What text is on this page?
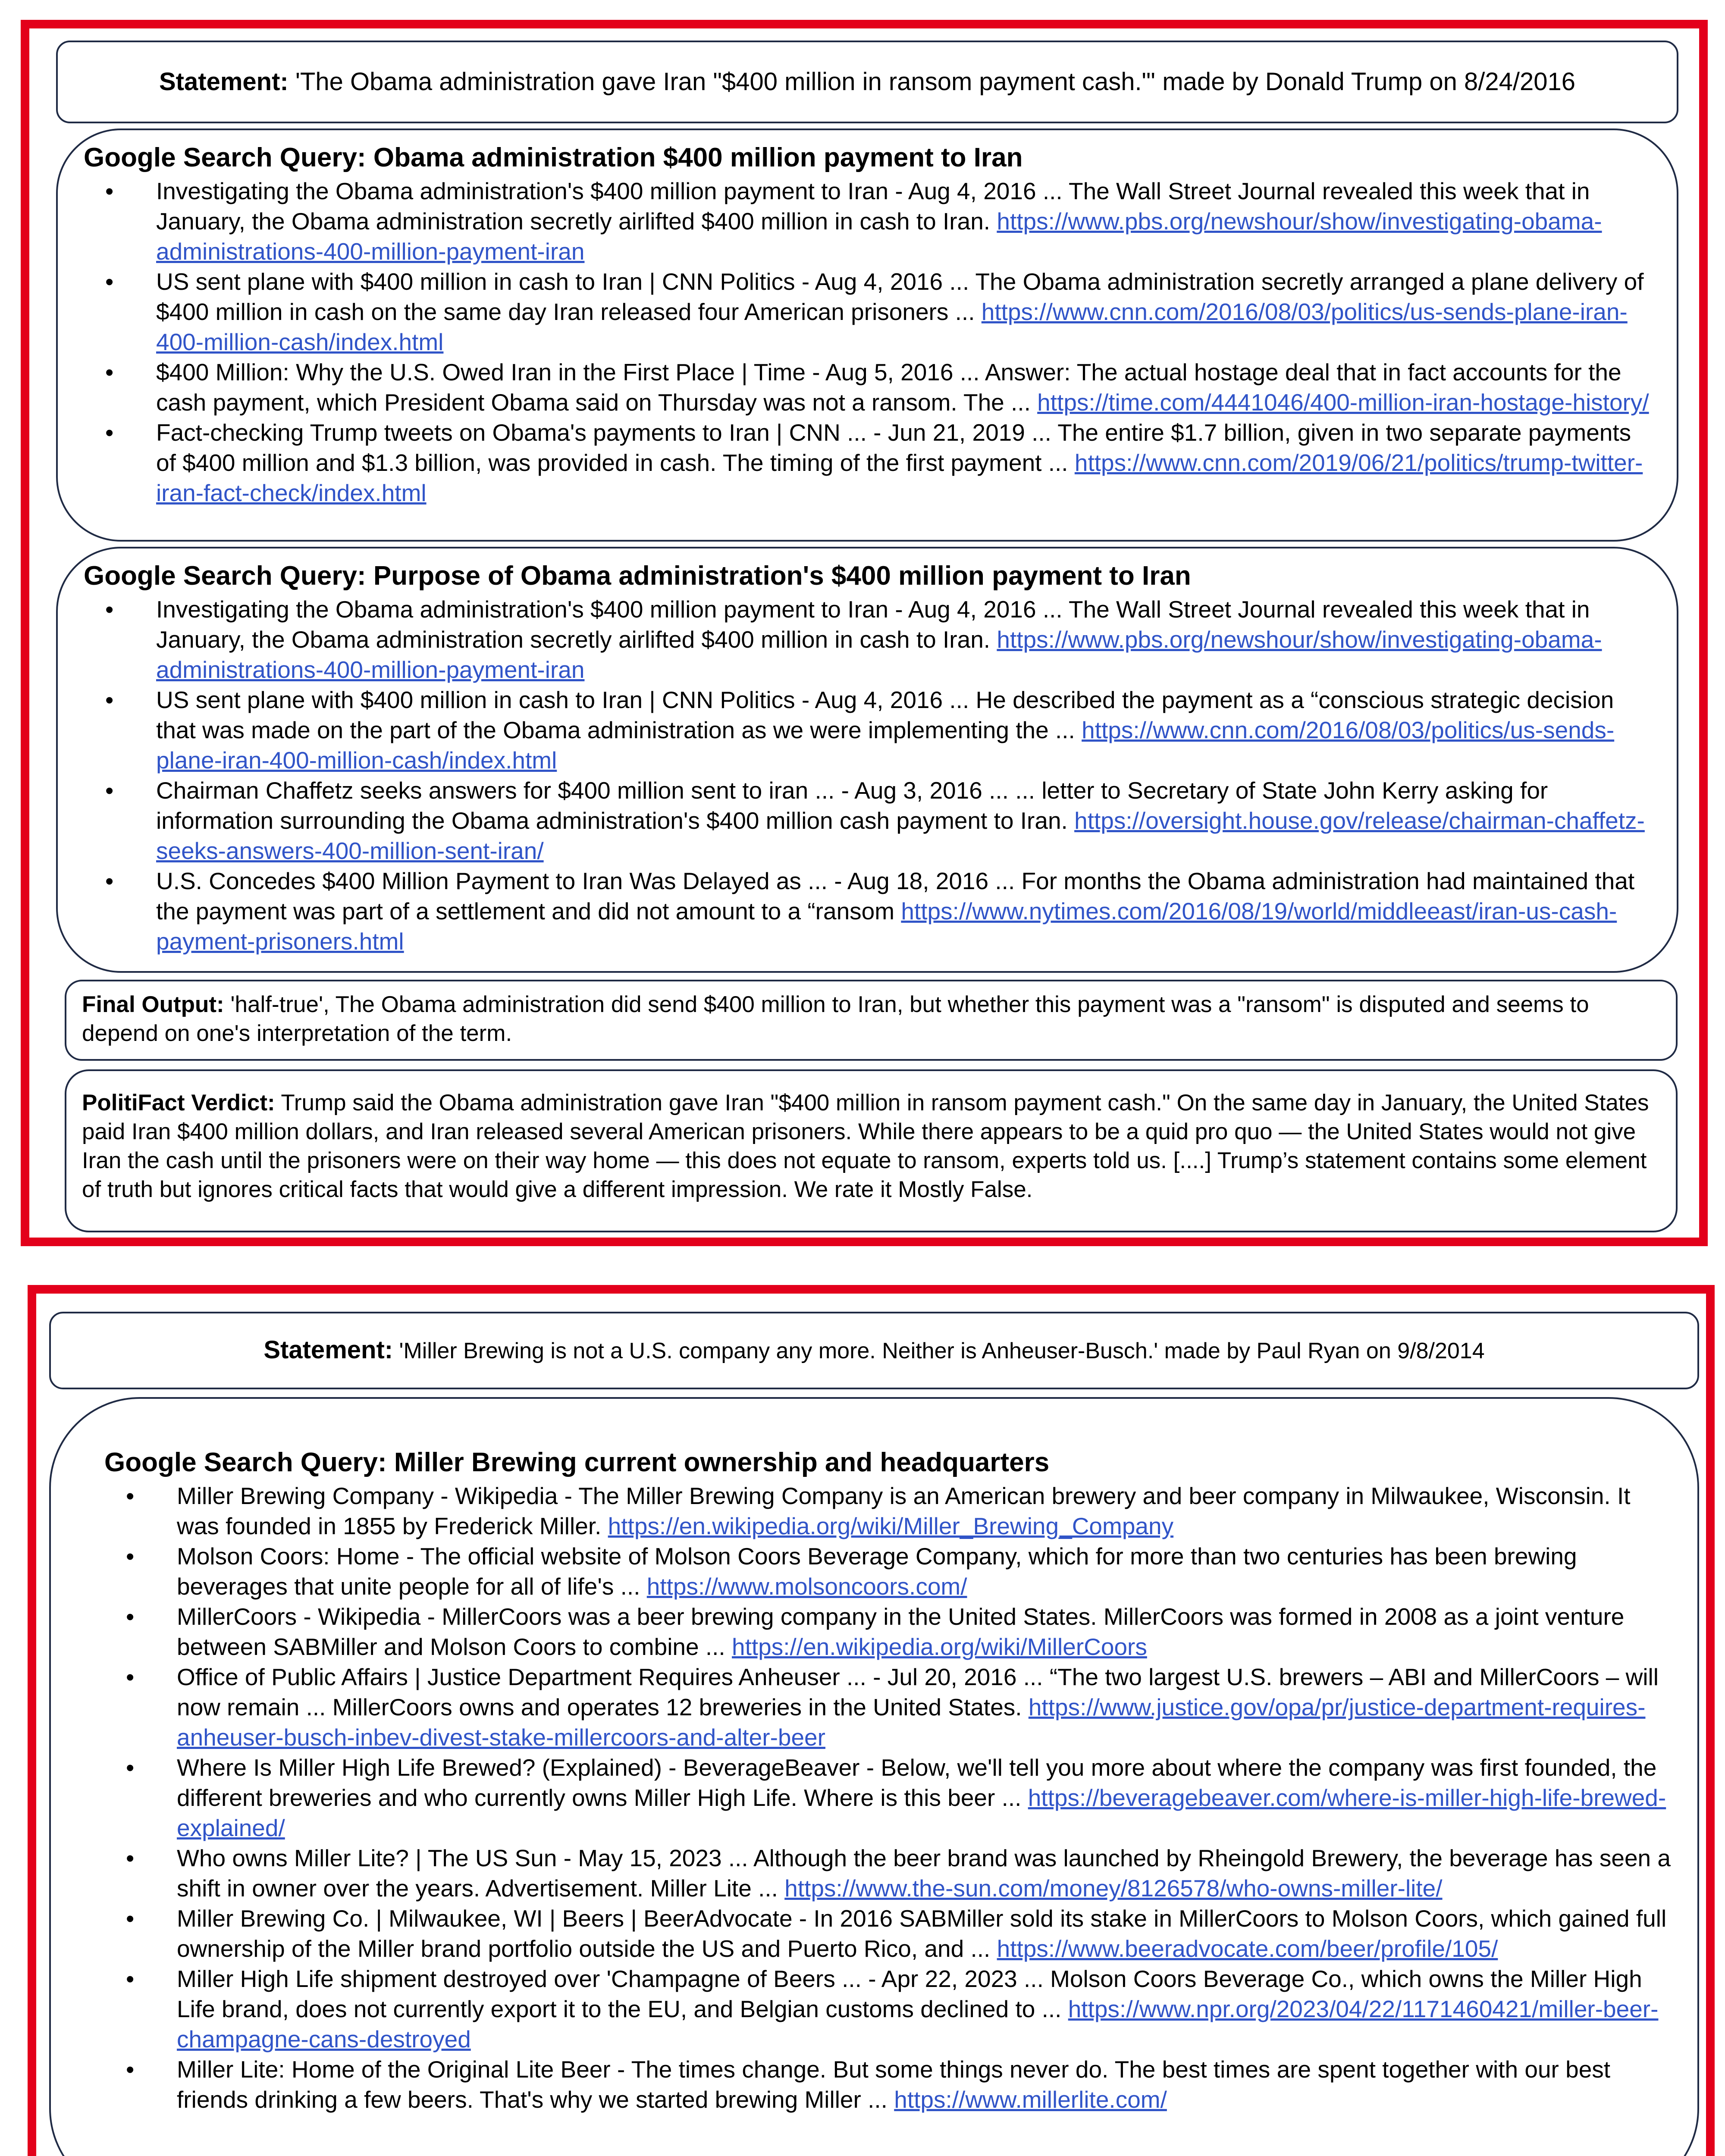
Statement: 'The Obama administration gave Iran "$400 million in ransom payment cash."' made by Donald Trump on 8/24/2016
Google Search Query: Obama administration $400 million payment to Iran
• Investigating the Obama administration's $400 million payment to Iran - Aug 4, 2016 ... The Wall Street Journal revealed this week that in January, the Obama administration secretly airlifted $400 million in cash to Iran. https://www.pbs.org/newshour/show/investigating-obama-administrations-400-million-payment-iran
• US sent plane with $400 million in cash to Iran | CNN Politics - Aug 4, 2016 ... The Obama administration secretly arranged a plane delivery of $400 million in cash on the same day Iran released four American prisoners ... https://www.cnn.com/2016/08/03/politics/us-sends-plane-iran-400-million-cash/index.html
• $400 Million: Why the U.S. Owed Iran in the First Place | Time - Aug 5, 2016 ... Answer: The actual hostage deal that in fact accounts for the cash payment, which President Obama said on Thursday was not a ransom. The ... https://time.com/4441046/400-million-iran-hostage-history/
• Fact-checking Trump tweets on Obama's payments to Iran | CNN ... - Jun 21, 2019 ... The entire $1.7 billion, given in two separate payments of $400 million and $1.3 billion, was provided in cash. The timing of the first payment ... https://www.cnn.com/2019/06/21/politics/trump-twitter-iran-fact-check/index.html
Google Search Query: Purpose of Obama administration's $400 million payment to Iran
• Investigating the Obama administration's $400 million payment to Iran - Aug 4, 2016 ... The Wall Street Journal revealed this week that in January, the Obama administration secretly airlifted $400 million in cash to Iran. https://www.pbs.org/newshour/show/investigating-obama-administrations-400-million-payment-iran
• US sent plane with $400 million in cash to Iran | CNN Politics - Aug 4, 2016 ... He described the payment as a “conscious strategic decision that was made on the part of the Obama administration as we were implementing the ... https://www.cnn.com/2016/08/03/politics/us-sends-plane-iran-400-million-cash/index.html
• Chairman Chaffetz seeks answers for $400 million sent to iran ... - Aug 3, 2016 ... ... letter to Secretary of State John Kerry asking for information surrounding the Obama administration's $400 million cash payment to Iran. https://oversight.house.gov/release/chairman-chaffetz-seeks-answers-400-million-sent-iran/
• U.S. Concedes $400 Million Payment to Iran Was Delayed as ... - Aug 18, 2016 ... For months the Obama administration had maintained that the payment was part of a settlement and did not amount to a “ransom https://www.nytimes.com/2016/08/19/world/middleeast/iran-us-cash-payment-prisoners.html
Final Output: 'half-true', The Obama administration did send $400 million to Iran, but whether this payment was a "ransom" is disputed and seems to depend on one's interpretation of the term.
PolitiFact Verdict: Trump said the Obama administration gave Iran "$400 million in ransom payment cash." On the same day in January, the United States paid Iran $400 million dollars, and Iran released several American prisoners. While there appears to be a quid pro quo — the United States would not give Iran the cash until the prisoners were on their way home — this does not equate to ransom, experts told us. [....] Trump’s statement contains some element of truth but ignores critical facts that would give a different impression. We rate it Mostly False.
Statement: 'Miller Brewing is not a U.S. company any more. Neither is Anheuser-Busch.' made by Paul Ryan on 9/8/2014
Google Search Query: Miller Brewing current ownership and headquarters
• Miller Brewing Company - Wikipedia - The Miller Brewing Company is an American brewery and beer company in Milwaukee, Wisconsin. It was founded in 1855 by Frederick Miller. https://en.wikipedia.org/wiki/Miller_Brewing_Company
• Molson Coors: Home - The official website of Molson Coors Beverage Company, which for more than two centuries has been brewing beverages that unite people for all of life's ... https://www.molsoncoors.com/
• MillerCoors - Wikipedia - MillerCoors was a beer brewing company in the United States. MillerCoors was formed in 2008 as a joint venture between SABMiller and Molson Coors to combine ... https://en.wikipedia.org/wiki/MillerCoors
• Office of Public Affairs | Justice Department Requires Anheuser ... - Jul 20, 2016 ... “The two largest U.S. brewers – ABI and MillerCoors – will now remain ... MillerCoors owns and operates 12 breweries in the United States. https://www.justice.gov/opa/pr/justice-department-requires-anheuser-busch-inbev-divest-stake-millercoors-and-alter-beer
• Where Is Miller High Life Brewed? (Explained) - BeverageBeaver - Below, we'll tell you more about where the company was first founded, the different breweries and who currently owns Miller High Life. Where is this beer ... https://beveragebeaver.com/where-is-miller-high-life-brewed-explained/
• Who owns Miller Lite? | The US Sun - May 15, 2023 ... Although the beer brand was launched by Rheingold Brewery, the beverage has seen a shift in owner over the years. Advertisement. Miller Lite ... https://www.the-sun.com/money/8126578/who-owns-miller-lite/
• Miller Brewing Co. | Milwaukee, WI | Beers | BeerAdvocate - In 2016 SABMiller sold its stake in MillerCoors to Molson Coors, which gained full ownership of the Miller brand portfolio outside the US and Puerto Rico, and ... https://www.beeradvocate.com/beer/profile/105/
• Miller High Life shipment destroyed over 'Champagne of Beers ... - Apr 22, 2023 ... Molson Coors Beverage Co., which owns the Miller High Life brand, does not currently export it to the EU, and Belgian customs declined to ... https://www.npr.org/2023/04/22/1171460421/miller-beer-champagne-cans-destroyed
• Miller Lite: Home of the Original Lite Beer - The times change. But some things never do. The best times are spent together with our best friends drinking a few beers. That's why we started brewing Miller ... https://www.millerlite.com/
